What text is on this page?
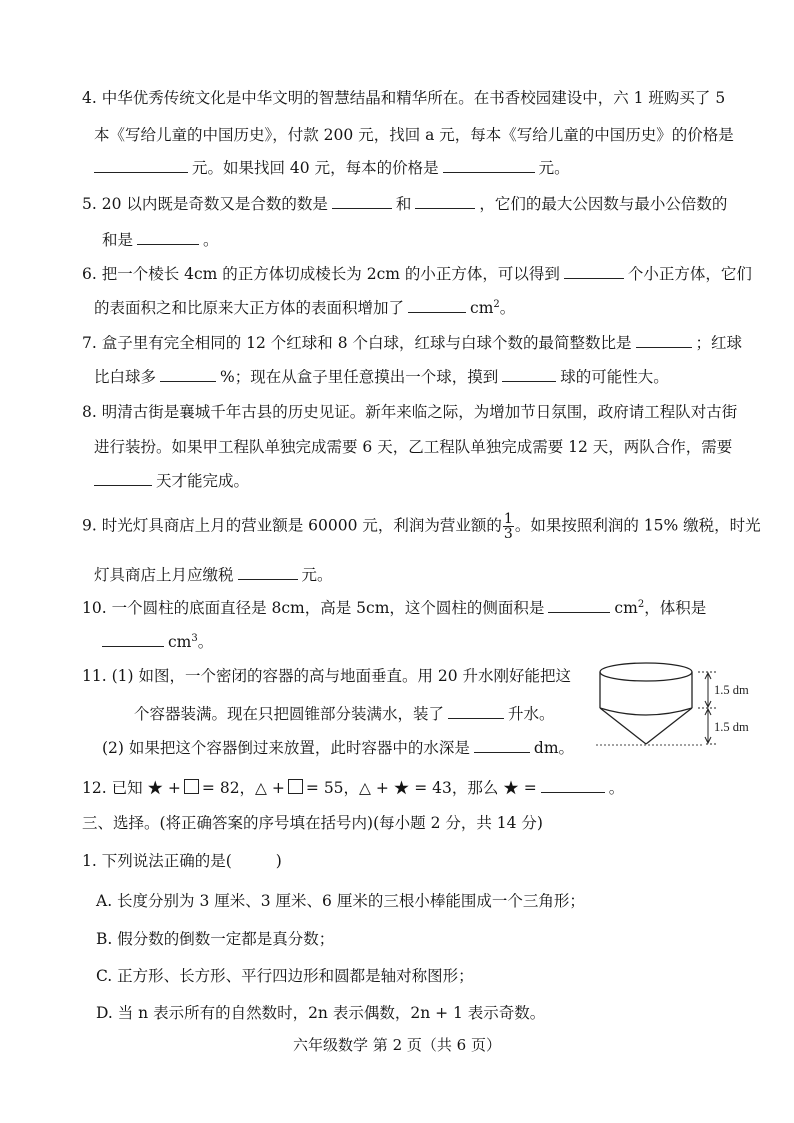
4. 中华优秀传统文化是中华文明的智慧结晶和精华所在。在书香校园建设中，六 1 班购买了 5
本《写给儿童的中国历史》，付款 200 元，找回 a 元，每本《写给儿童的中国历史》的价格是
元。如果找回 40 元，每本的价格是	元。
5. 20 以内既是奇数又是合数的数是	和	，它们的最大公因数与最小公倍数的
和是	。
6. 把一个棱长 4cm 的正方体切成棱长为 2cm 的小正方体，可以得到	个小正方体，它们
的表面积之和比原来大正方体的表面积增加了	$cm^2$。
7. 盒子里有完全相同的 12 个红球和 8 个白球，红球与白球个数的最简整数比是	；红球
比白球多	%；现在从盒子里任意摸出一个球，摸到	球的可能性大。
8. 明清古街是襄城千年古县的历史见证。新年来临之际，为增加节日氛围，政府请工程队对古街
进行装扮。如果甲工程队单独完成需要 6 天，乙工程队单独完成需要 12 天，两队合作，需要
天才能完成。
9. 时光灯具商店上月的营业额是 60000 元，利润为营业额的 $\frac{1}{3}$ 。如果按照利润的 15% 缴税，时光
灯具商店上月应缴税	元。
10. 一个圆柱的底面直径是 8cm，高是 5cm，这个圆柱的侧面积是	$cm^2$，体积是
$cm^3$。
11. (1) 如图，一个密闭的容器的高与地面垂直。用 20 升水刚好能把这
个容器装满。现在只把圆锥部分装满水，装了	升水。
(2) 如果把这个容器倒过来放置，此时容器中的水深是	dm。
1.5 dm
1.5 dm
12. 已知 ★ + = 82，△ + = 55，△ + ★ = 43，那么 ★ =	。
三、选择。(将正确答案的序号填在括号内)(每小题 2 分，共 14 分)
1. 下列说法正确的是(	)
A. 长度分别为 3 厘米、3 厘米、6 厘米的三根小棒能围成一个三角形；
B. 假分数的倒数一定都是真分数；
C. 正方形、长方形、平行四边形和圆都是轴对称图形；
D. 当 n 表示所有的自然数时，2n 表示偶数，2n + 1 表示奇数。
六年级数学 第 2 页（共 6 页）
